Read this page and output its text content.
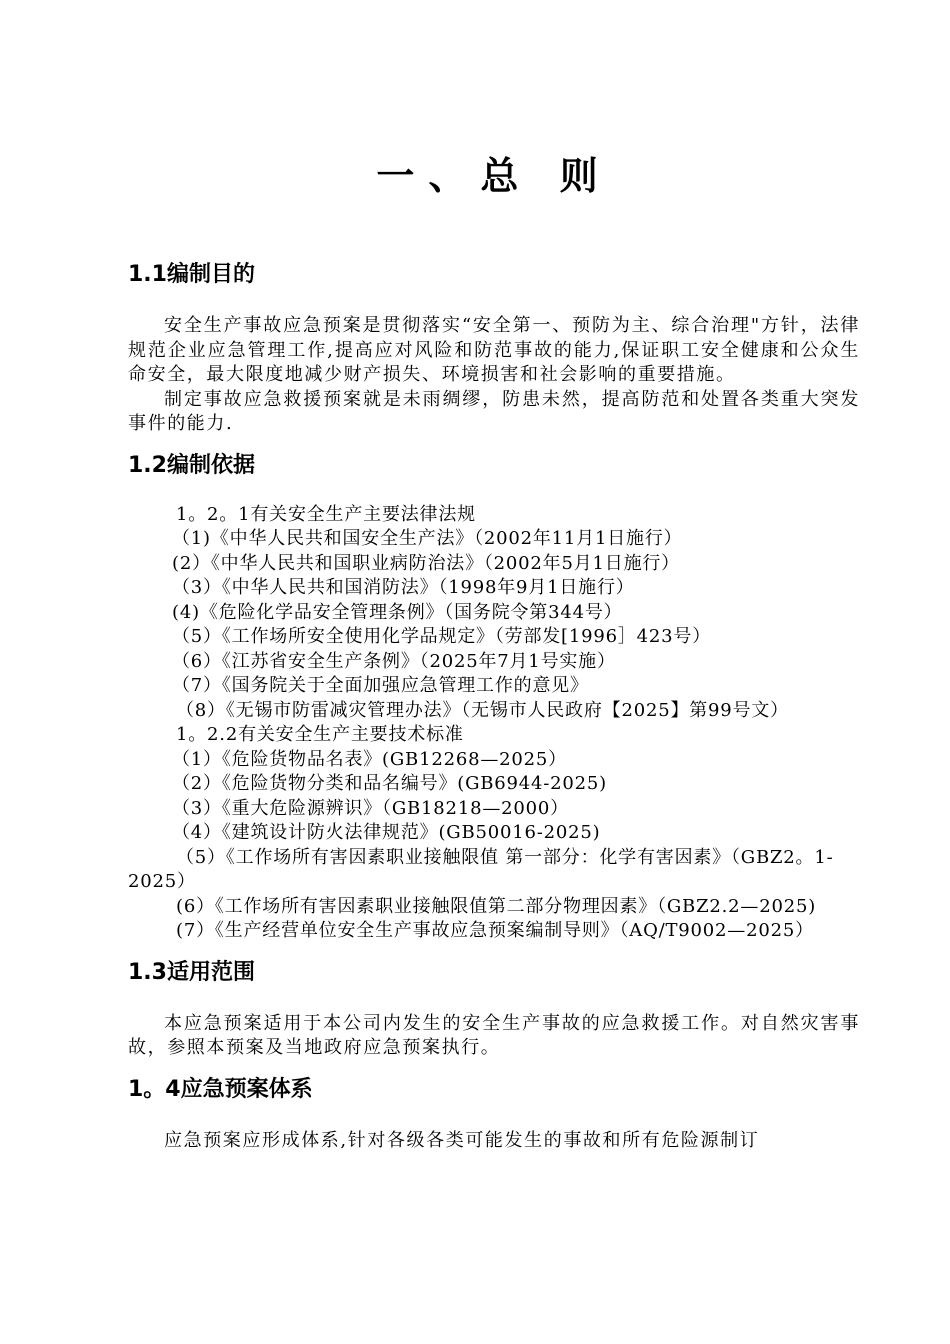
一、总 则
1.1编制目的

安全生产事故应急预案是贯彻落实“安全第一、预防为主、综合治理"方针，法律规范企业应急管理工作,提高应对风险和防范事故的能力,保证职工安全健康和公众生命安全，最大限度地减少财产损失、环境损害和社会影响的重要措施。

制定事故应急救援预案就是未雨绸缪，防患未然，提高防范和处置各类重大突发事件的能力.

1.2编制依据
1。2。1有关安全生产主要法律法规
（1)《中华人民共和国安全生产法》（2002年11月1日施行）
(2）《中华人民共和国职业病防治法》（2002年5月1日施行）
（3）《中华人民共和国消防法》（1998年9月1日施行）
(4)《危险化学品安全管理条例》（国务院令第344号）
（5）《工作场所安全使用化学品规定》（劳部发[1996］423号）
（6）《江苏省安全生产条例》（2025年7月1号实施）
（7）《国务院关于全面加强应急管理工作的意见》
（8）《无锡市防雷减灾管理办法》（无锡市人民政府【2025】第99号文）
1。2.2有关安全生产主要技术标准
（1）《危险货物品名表》(GB12268—2025）
（2）《危险货物分类和品名编号》(GB6944-2025)
（3）《重大危险源辨识》（GB18218—2000）
（4）《建筑设计防火法律规范》(GB50016-2025)
（5）《工作场所有害因素职业接触限值 第一部分：化学有害因素》（GBZ2。1-2025）
(6）《工作场所有害因素职业接触限值第二部分物理因素》（GBZ2.2—2025)
(7）《生产经营单位安全生产事故应急预案编制导则》（AQ/T9002—2025）
1.3适用范围

本应急预案适用于本公司内发生的安全生产事故的应急救援工作。对自然灾害事故，参照本预案及当地政府应急预案执行。

1。4应急预案体系

应急预案应形成体系,针对各级各类可能发生的事故和所有危险源制订
